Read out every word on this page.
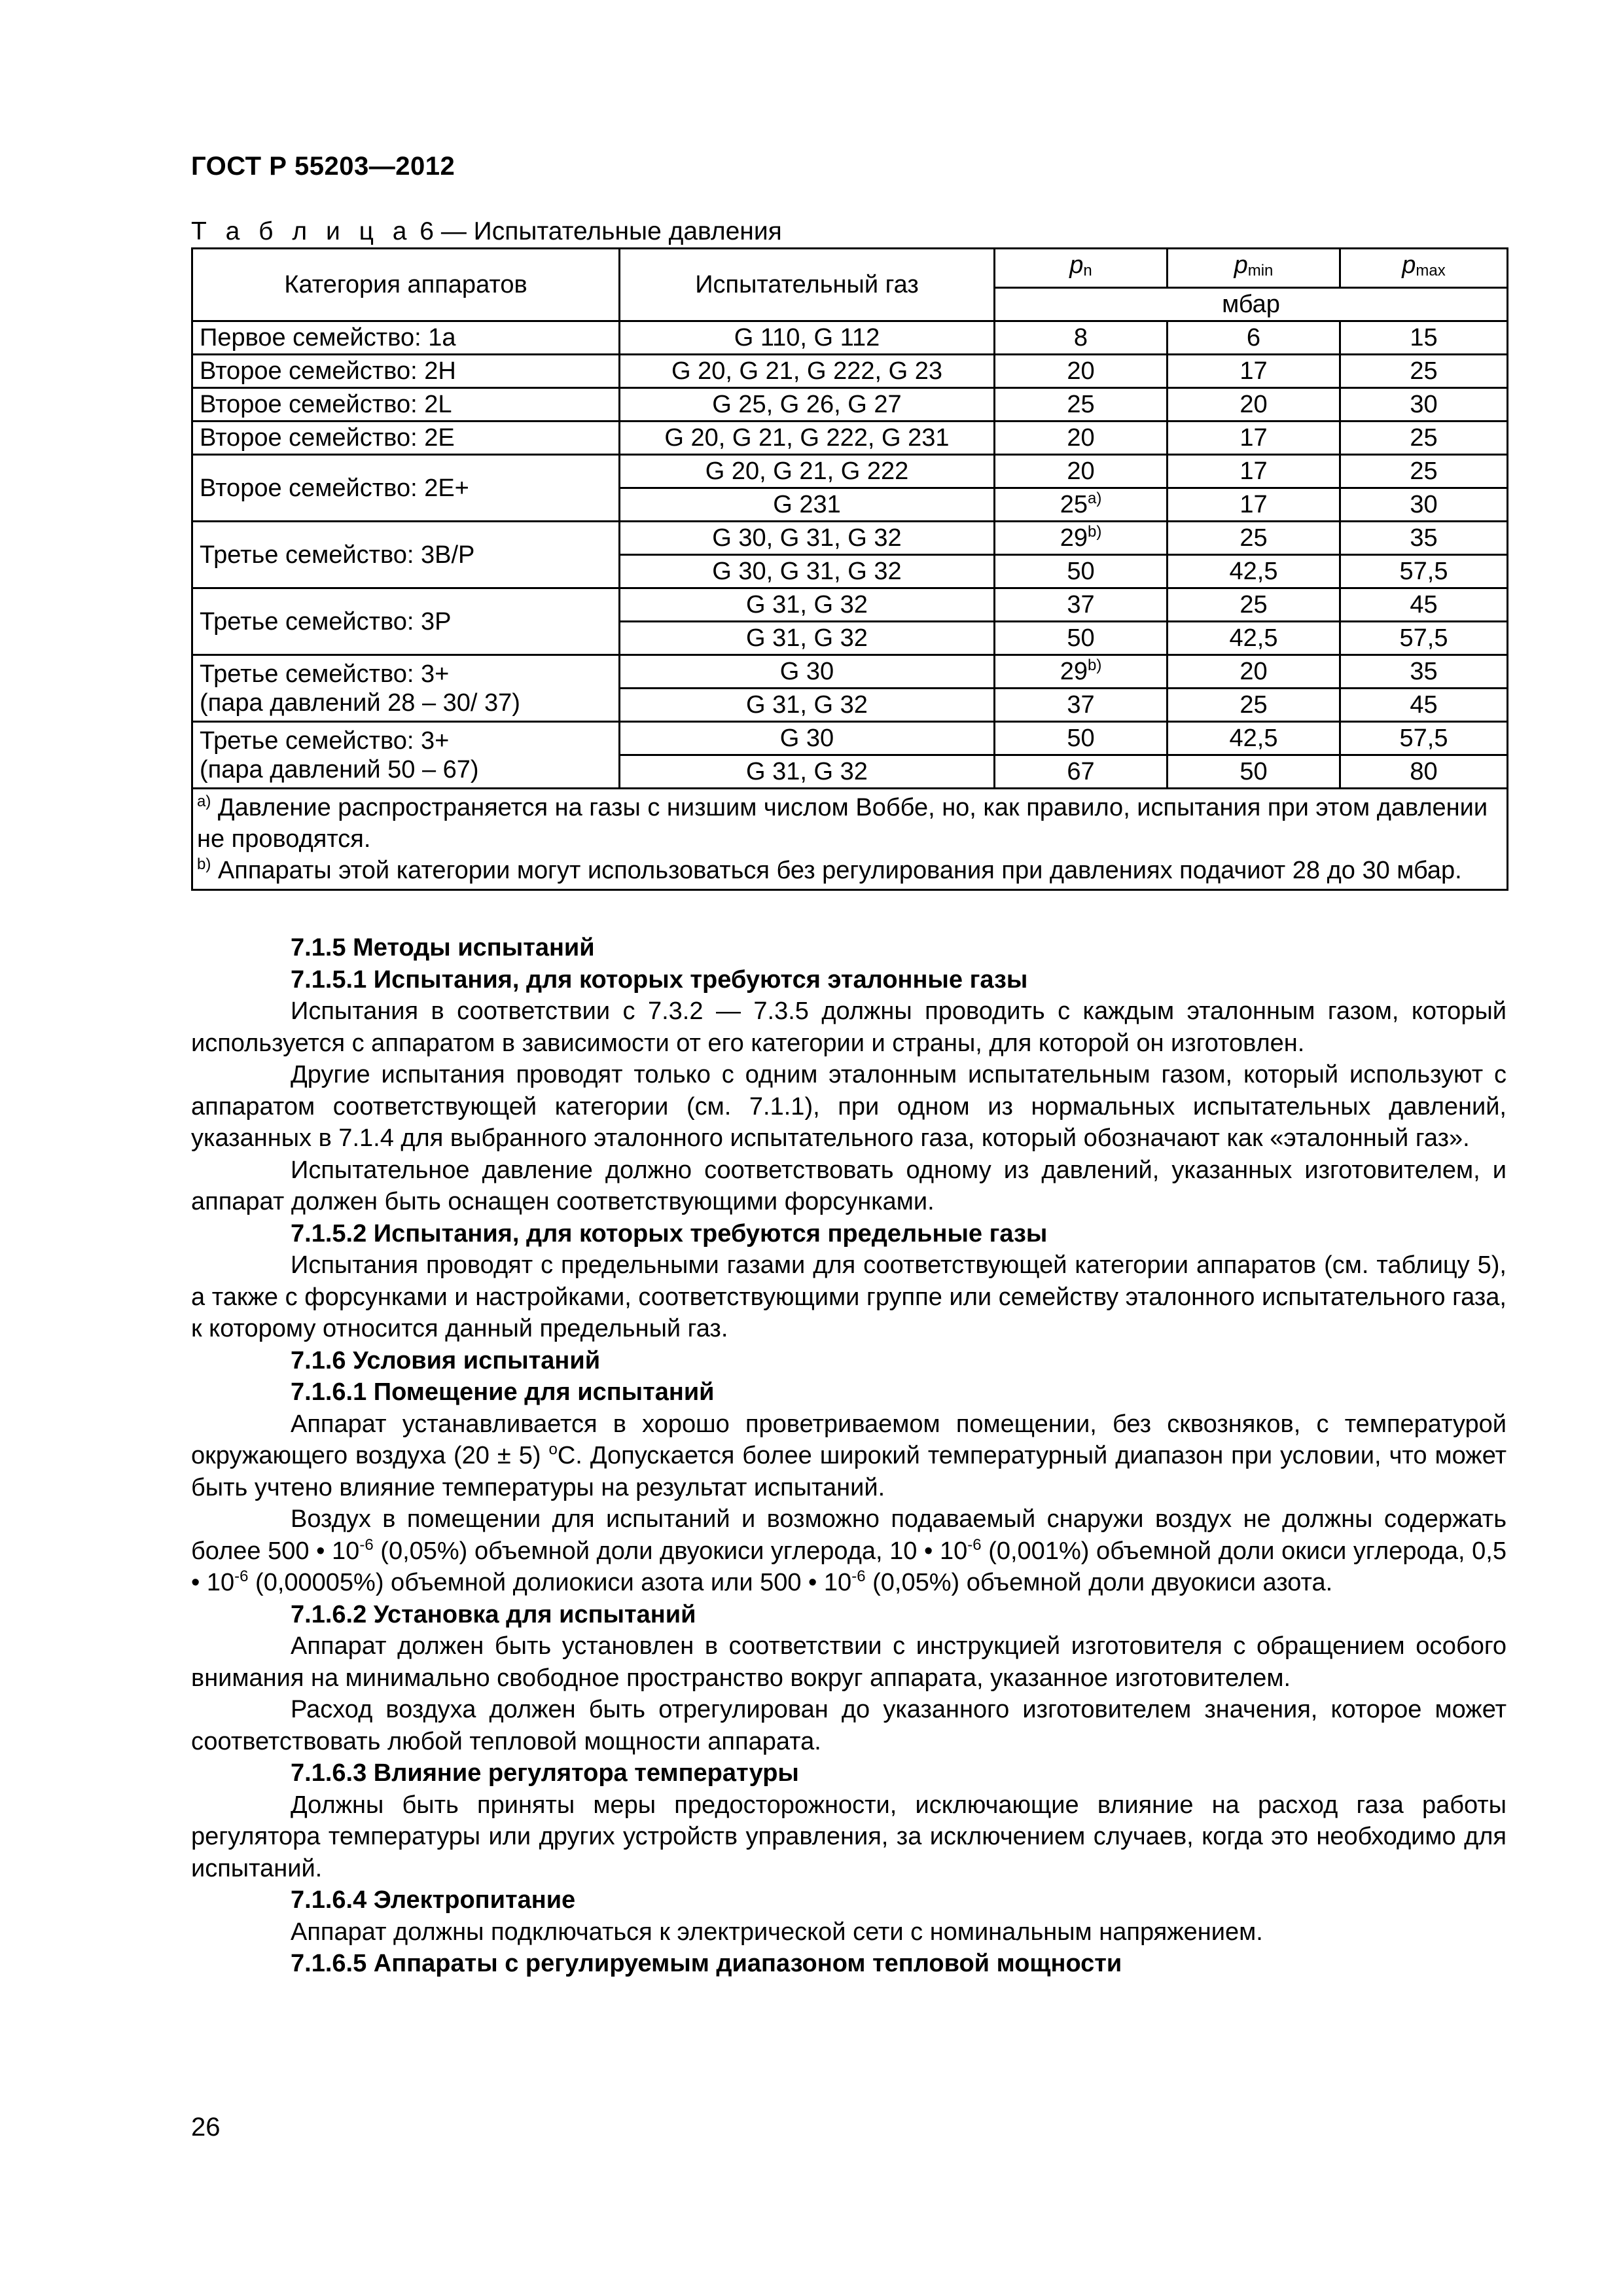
ГОСТ Р 55203—2012
Т а б л и ц а 6 — Испытательные давления
Категория аппаратов	Испытательный газ	$p_n$	$p_{min}$	$p_{max}$
		мбар		
Первое семейство: 1a	G 110, G 112	8	6	15
Второе семейство: 2H	G 20, G 21, G 222, G 23	20	17	25
Второе семейство: 2L	G 25, G 26, G 27	25	20	30
Второе семейство: 2E	G 20, G 21, G 222, G 231	20	17	25
Второе семейство: 2E+	G 20, G 21, G 222	20	17	25
	G 231	25$^{a)}$	17	30
Третье семейство: 3B/P	G 30, G 31, G 32	29$^{b)}$	25	35
	G 30, G 31, G 32	50	42,5	57,5
Третье семейство: 3P	G 31, G 32	37	25	45
	G 31, G 32	50	42,5	57,5
Третье семейство: 3+
(пара давлений 28 – 30/ 37)	G 30	29$^{b)}$	20	35
	G 31, G 32	37	25	45
Третье семейство: 3+
(пара давлений 50 – 67)	G 30	50	42,5	57,5
	G 31, G 32	67	50	80

$^{a)}$ Давление распространяется на газы с низшим числом Воббе, но, как правило, испытания при этом давлении не проводятся.
$^{b)}$ Аппараты этой категории могут использоваться без регулирования при давлениях подачиот 28 до 30 мбар.				

7.1.5 Методы испытаний

7.1.5.1 Испытания, для которых требуются эталонные газы

Испытания в соответствии с 7.3.2 — 7.3.5 должны проводить с каждым эталонным газом, который используется с аппаратом в зависимости от его категории и страны, для которой он изготовлен.

Другие испытания проводят только с одним эталонным испытательным газом, который используют с аппаратом соответствующей категории (см. 7.1.1), при одном из нормальных испытательных давлений, указанных в 7.1.4 для выбранного эталонного испытательного газа, который обозначают как «эталонный газ».

Испытательное давление должно соответствовать одному из давлений, указанных изготовителем, и аппарат должен быть оснащен соответствующими форсунками.

7.1.5.2 Испытания, для которых требуются предельные газы

Испытания проводят с предельными газами для соответствующей категории аппаратов (см. таблицу 5), а также с форсунками и настройками, соответствующими группе или семейству эталонного испытательного газа, к которому относится данный предельный газ.

7.1.6 Условия испытаний

7.1.6.1 Помещение для испытаний

Аппарат устанавливается в хорошо проветриваемом помещении, без сквозняков, с температурой окружающего воздуха (20 ± 5) $^o$C. Допускается более широкий температурный диапазон при условии, что может быть учтено влияние температуры на результат испытаний.

Воздух в помещении для испытаний и возможно подаваемый снаружи воздух не должны содержать более 500 • $10^{-6}$ (0,05%) объемной доли двуокиси углерода, 10 • $10^{-6}$ (0,001%) объемной доли окиси углерода, 0,5 • $10^{-6}$ (0,00005%) объемной долиокиси азота или 500 • $10^{-6}$ (0,05%) объемной доли двуокиси азота.

7.1.6.2 Установка для испытаний

Аппарат должен быть установлен в соответствии с инструкцией изготовителя с обращением особого внимания на минимально свободное пространство вокруг аппарата, указанное изготовителем.

Расход воздуха должен быть отрегулирован до указанного изготовителем значения, которое может соответствовать любой тепловой мощности аппарата.

7.1.6.3 Влияние регулятора температуры

Должны быть приняты меры предосторожности, исключающие влияние на расход газа работы регулятора температуры или других устройств управления, за исключением случаев, когда это необходимо для испытаний.

7.1.6.4 Электропитание

Аппарат должны подключаться к электрической сети с номинальным напряжением.

7.1.6.5 Аппараты с регулируемым диапазоном тепловой мощности

26
